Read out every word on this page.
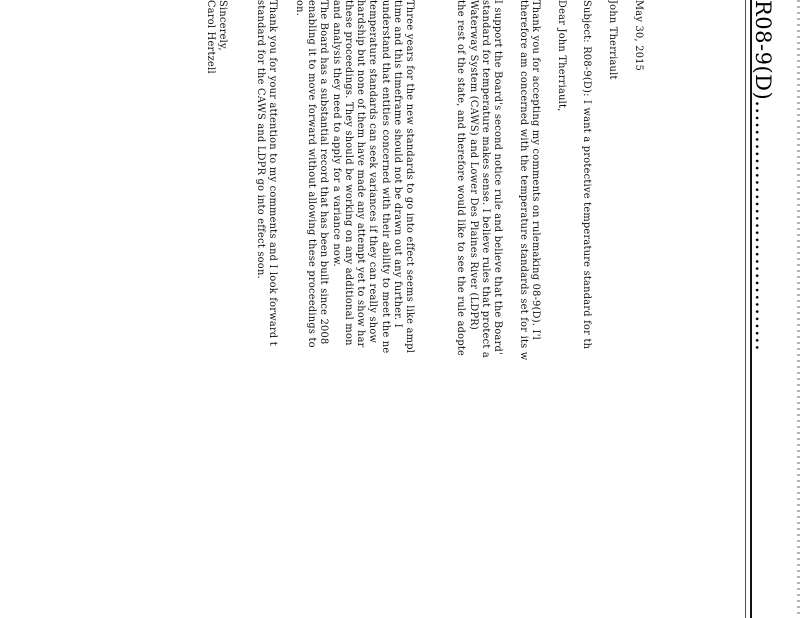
R08-9(D)...................................
May 30, 2015
John Therriault
Subject: R08-9(D): I want a protective temperature standard for th
Dear John Therriault,
Thank you for accepting my comments on rulemaking 08-9(D). I'l
therefore am concerned with the temperature standards set for its w
I support the Board's second notice rule and believe that the Board'
standard for temperature makes sense. I believe rules that protect a
Waterway System (CAWS) and Lower Des Plaines River (LDPR)
the rest of the state, and therefore would like to see the rule adopte
Three years for the new standards to go into effect seems like ampl
time and this timeframe should not be drawn out any further. I
understand that entities concerned with their ability to meet the ne
temperature standards can seek variances if they can really show
hardship but none of them have made any attempt yet to show har
these proceedings. They should be working on any additional mon
and analysis they need to apply for a variance now.
The Board has a substantial record that has been built since 2008
enabling it to move forward without allowing these proceedings to
on.
Thank you for your attention to my comments and I look forward t
standard for the CAWS and LDPR go into effect soon.
Sincerely,
Carol Hertzell
